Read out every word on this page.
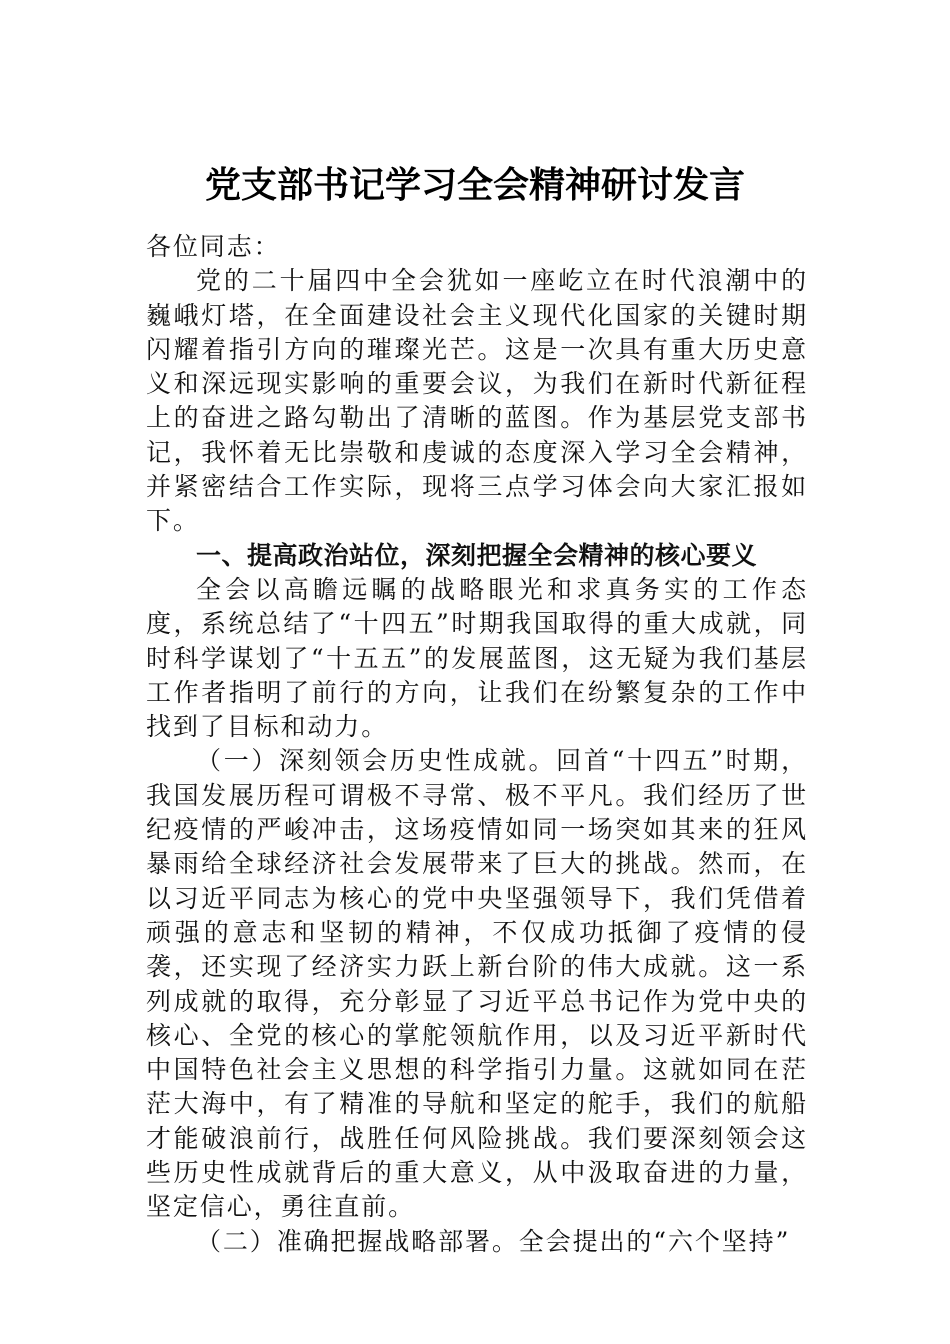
党支部书记学习全会精神研讨发言

各位同志：

党的二十届四中全会犹如一座屹立在时代浪潮中的巍峨灯塔，在全面建设社会主义现代化国家的关键时期闪耀着指引方向的璀璨光芒。这是一次具有重大历史意义和深远现实影响的重要会议，为我们在新时代新征程上的奋进之路勾勒出了清晰的蓝图。作为基层党支部书记，我怀着无比崇敬和虔诚的态度深入学习全会精神，并紧密结合工作实际，现将三点学习体会向大家汇报如下。

一、提高政治站位，深刻把握全会精神的核心要义

全会以高瞻远瞩的战略眼光和求真务实的工作态度，系统总结了“十四五”时期我国取得的重大成就，同时科学谋划了“十五五”的发展蓝图，这无疑为我们基层工作者指明了前行的方向，让我们在纷繁复杂的工作中找到了目标和动力。

（一）深刻领会历史性成就。回首“十四五”时期，我国发展历程可谓极不寻常、极不平凡。我们经历了世纪疫情的严峻冲击，这场疫情如同一场突如其来的狂风暴雨给全球经济社会发展带来了巨大的挑战。然而，在以习近平同志为核心的党中央坚强领导下，我们凭借着顽强的意志和坚韧的精神，不仅成功抵御了疫情的侵袭，还实现了经济实力跃上新台阶的伟大成就。这一系列成就的取得，充分彰显了习近平总书记作为党中央的核心、全党的核心的掌舵领航作用，以及习近平新时代中国特色社会主义思想的科学指引力量。这就如同在茫茫大海中，有了精准的导航和坚定的舵手，我们的航船才能破浪前行，战胜任何风险挑战。我们要深刻领会这些历史性成就背后的重大意义，从中汲取奋进的力量，坚定信心，勇往直前。

（二）准确把握战略部署。全会提出的“六个坚持”
